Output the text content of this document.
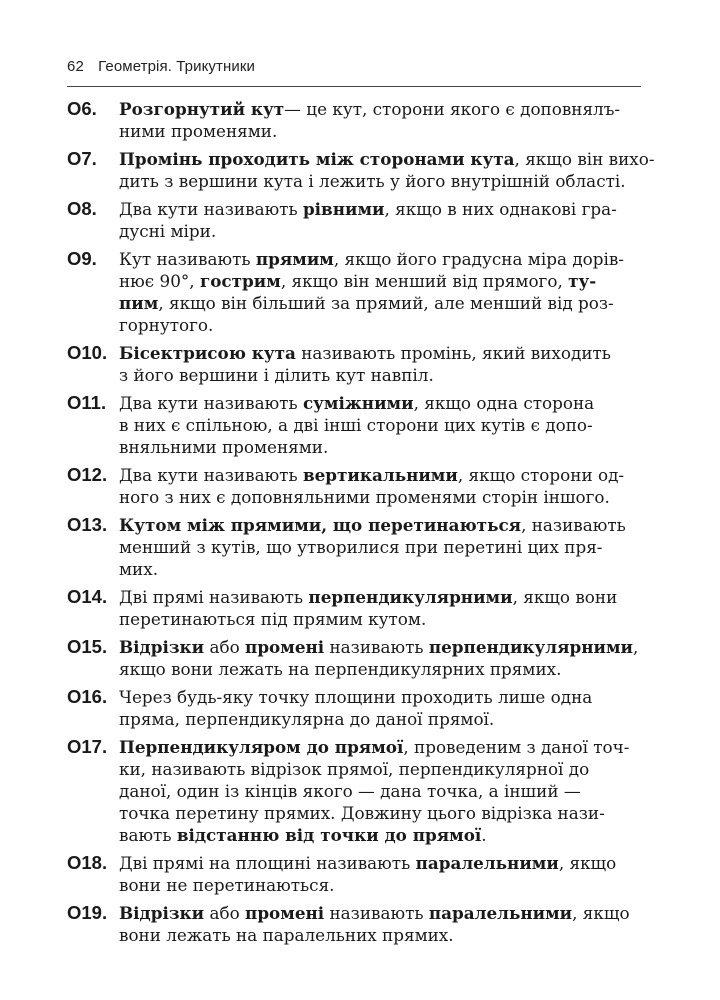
62 Геометрія. Трикутники
О6.	Розгорнутий кут— це кут, сторони якого є доповнялъ-
ними променями.
О7.	Промінь проходить між сторонами кута, якщо він вихо-
дить з вершини кута і лежить у його внутрішній області.
О8.	Два кути називають рівними, якщо в них однакові гра-
дусні міри.
О9.	Кут називають прямим, якщо його градусна міра дорів-
нює 90°, гострим, якщо він менший від прямого, ту-
пим, якщо він більший за прямий, але менший від роз-
горнутого.
О10. Бісектрисою кута називають промінь, який виходить
з його вершини і ділить кут навпіл.
О11. Два кути називають суміжними, якщо одна сторона
в них є спільною, а дві інші сторони цих кутів є допо-
вняльними променями.
О12. Два кути називають вертикальними, якщо сторони од-
ного з них є доповняльними променями сторін іншого.
О13. Кутом між прямими, що перетинаються, називають
менший з кутів, що утворилися при перетині цих пря-
мих.
О14. Дві прямі називають перпендикулярними, якщо вони
перетинаються під прямим кутом.
О15. Відрізки або промені називають перпендикулярними,
якщо вони лежать на перпендикулярних прямих.
О16. Через будь-яку точку площини проходить лише одна
пряма, перпендикулярна до даної прямої.
О17. Перпендикуляром до прямої, проведеним з даної точ-
ки, називають відрізок прямої, перпендикулярної до
даної, один із кінців якого — дана точка, а інший —
точка перетину прямих. Довжину цього відрізка нази-
вають відстанню від точки до прямої.
О18. Дві прямі на площині називають паралельними, якщо
вони не перетинаються.
О19. Відрізки або промені називають паралельними, якщо
вони лежать на паралельних прямих.
